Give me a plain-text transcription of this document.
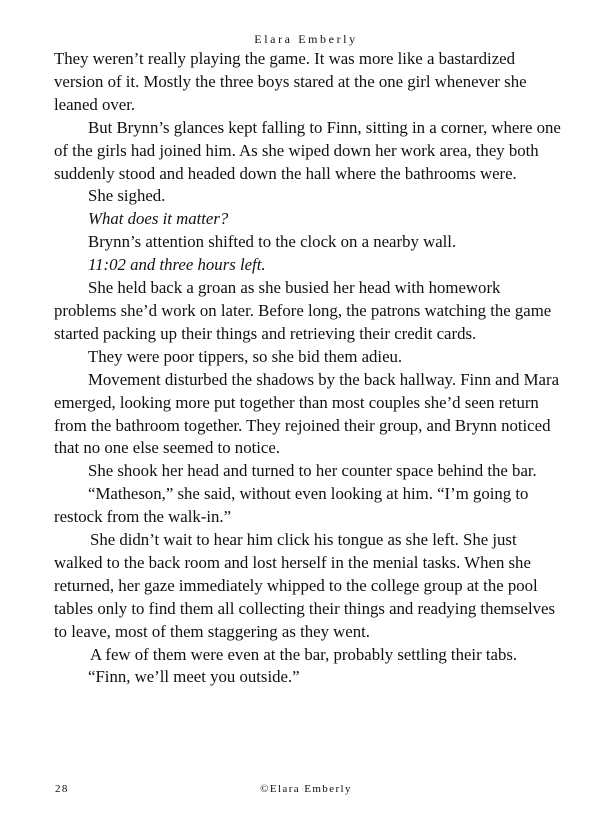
Elara Emberly

They weren’t really playing the game. It was more like a bastardized version of it. Mostly the three boys stared at the one girl whenever she leaned over.

But Brynn’s glances kept falling to Finn, sitting in a corner, where one of the girls had joined him. As she wiped down her work area, they both suddenly stood and headed down the hall where the bathrooms were.

She sighed.

What does it matter?

Brynn’s attention shifted to the clock on a nearby wall.

11:02 and three hours left.

She held back a groan as she busied her head with homework problems she’d work on later. Before long, the patrons watching the game started packing up their things and retrieving their credit cards.

They were poor tippers, so she bid them adieu.

Movement disturbed the shadows by the back hallway. Finn and Mara emerged, looking more put together than most couples she’d seen return from the bathroom together. They rejoined their group, and Brynn noticed that no one else seemed to notice.

She shook her head and turned to her counter space behind the bar.

“Matheson,” she said, without even looking at him. “I’m going to restock from the walk-in.”

She didn’t wait to hear him click his tongue as she left. She just walked to the back room and lost herself in the menial tasks. When she returned, her gaze immediately whipped to the college group at the pool tables only to find them all collecting their things and readying themselves to leave, most of them staggering as they went.

A few of them were even at the bar, probably settling their tabs.

“Finn, we’ll meet you outside.”

28	©Elara Emberly
